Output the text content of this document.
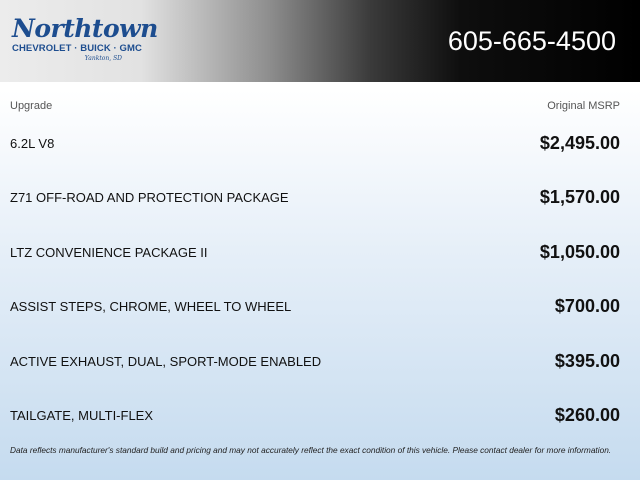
Northtown
CHEVROLET · BUICK · GMC
Yankton, SD
605-665-4500
Upgrade	Original MSRP
6.2L V8	$2,495.00
Z71 OFF-ROAD AND PROTECTION PACKAGE	$1,570.00
LTZ CONVENIENCE PACKAGE II	$1,050.00
ASSIST STEPS, CHROME, WHEEL TO WHEEL	$700.00
ACTIVE EXHAUST, DUAL, SPORT-MODE ENABLED	$395.00
TAILGATE, MULTI-FLEX	$260.00
Data reflects manufacturer's standard build and pricing and may not accurately reflect the exact condition of this vehicle. Please contact dealer for more information.
